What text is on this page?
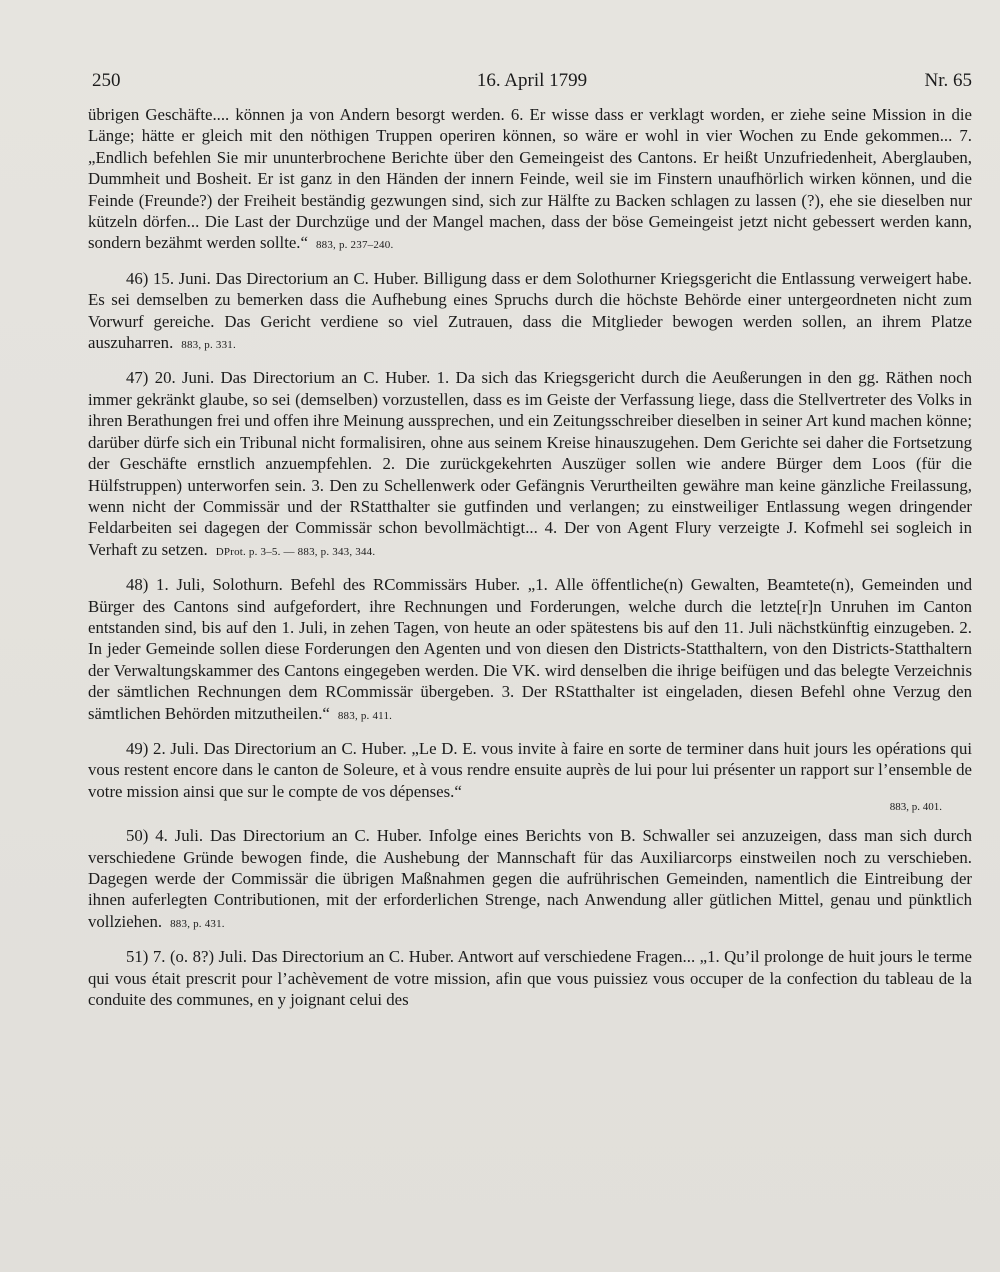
250	16. April 1799	Nr. 65

übrigen Geschäfte.... können ja von Andern besorgt werden. 6. Er wisse dass er verklagt worden, er ziehe seine Mission in die Länge; hätte er gleich mit den nöthigen Truppen operiren können, so wäre er wohl in vier Wochen zu Ende gekommen... 7. „Endlich befehlen Sie mir ununterbrochene Berichte über den Gemeingeist des Cantons. Er heißt Unzufriedenheit, Aberglauben, Dummheit und Bosheit. Er ist ganz in den Händen der innern Feinde, weil sie im Finstern unaufhörlich wirken können, und die Feinde (Freunde?) der Freiheit beständig gezwungen sind, sich zur Hälfte zu Backen schlagen zu lassen (?), ehe sie dieselben nur kützeln dörfen... Die Last der Durchzüge und der Mangel machen, dass der böse Gemeingeist jetzt nicht gebessert werden kann, sondern bezähmt werden sollte.“ 883, p. 237–240.

46) 15. Juni. Das Directorium an C. Huber. Billigung dass er dem Solothurner Kriegsgericht die Entlassung verweigert habe. Es sei demselben zu bemerken dass die Aufhebung eines Spruchs durch die höchste Behörde einer untergeordneten nicht zum Vorwurf gereiche. Das Gericht verdiene so viel Zutrauen, dass die Mitglieder bewogen werden sollen, an ihrem Platze auszuharren. 883, p. 331.

47) 20. Juni. Das Directorium an C. Huber. 1. Da sich das Kriegsgericht durch die Aeußerungen in den gg. Räthen noch immer gekränkt glaube, so sei (demselben) vorzustellen, dass es im Geiste der Verfassung liege, dass die Stellvertreter des Volks in ihren Berathungen frei und offen ihre Meinung aussprechen, und ein Zeitungsschreiber dieselben in seiner Art kund machen könne; darüber dürfe sich ein Tribunal nicht formalisiren, ohne aus seinem Kreise hinauszugehen. Dem Gerichte sei daher die Fortsetzung der Geschäfte ernstlich anzuempfehlen. 2. Die zurückgekehrten Auszüger sollen wie andere Bürger dem Loos (für die Hülfstruppen) unterworfen sein. 3. Den zu Schellenwerk oder Gefängnis Verurtheilten gewähre man keine gänzliche Freilassung, wenn nicht der Commissär und der RStatthalter sie gutfinden und verlangen; zu einstweiliger Entlassung wegen dringender Feldarbeiten sei dagegen der Commissär schon bevollmächtigt... 4. Der von Agent Flury verzeigte J. Kofmehl sei sogleich in Verhaft zu setzen. DProt. p. 3–5. — 883, p. 343, 344.

48) 1. Juli, Solothurn. Befehl des RCommissärs Huber. „1. Alle öffentliche(n) Gewalten, Beamtete(n), Gemeinden und Bürger des Cantons sind aufgefordert, ihre Rechnungen und Forderungen, welche durch die letzte[r]n Unruhen im Canton entstanden sind, bis auf den 1. Juli, in zehen Tagen, von heute an oder spätestens bis auf den 11. Juli nächstkünftig einzugeben. 2. In jeder Gemeinde sollen diese Forderungen den Agenten und von diesen den Districts-Statthaltern, von den Districts-Statthaltern der Verwaltungskammer des Cantons eingegeben werden. Die VK. wird denselben die ihrige beifügen und das belegte Verzeichnis der sämtlichen Rechnungen dem RCommissär übergeben. 3. Der RStatthalter ist eingeladen, diesen Befehl ohne Verzug den sämtlichen Behörden mitzutheilen.“ 883, p. 411.

49) 2. Juli. Das Directorium an C. Huber. „Le D. E. vous invite à faire en sorte de terminer dans huit jours les opérations qui vous restent encore dans le canton de Soleure, et à vous rendre ensuite auprès de lui pour lui présenter un rapport sur l’ensemble de votre mission ainsi que sur le compte de vos dépenses.“
883, p. 401.

50) 4. Juli. Das Directorium an C. Huber. Infolge eines Berichts von B. Schwaller sei anzuzeigen, dass man sich durch verschiedene Gründe bewogen finde, die Aushebung der Mannschaft für das Auxiliarcorps einstweilen noch zu verschieben. Dagegen werde der Commissär die übrigen Maßnahmen gegen die aufrührischen Gemeinden, namentlich die Eintreibung der ihnen auferlegten Contributionen, mit der erforderlichen Strenge, nach Anwendung aller gütlichen Mittel, genau und pünktlich vollziehen. 883, p. 431.

51) 7. (o. 8?) Juli. Das Directorium an C. Huber. Antwort auf verschiedene Fragen... „1. Qu’il prolonge de huit jours le terme qui vous était prescrit pour l’achèvement de votre mission, afin que vous puissiez vous occuper de la confection du tableau de la conduite des communes, en y joignant celui des
